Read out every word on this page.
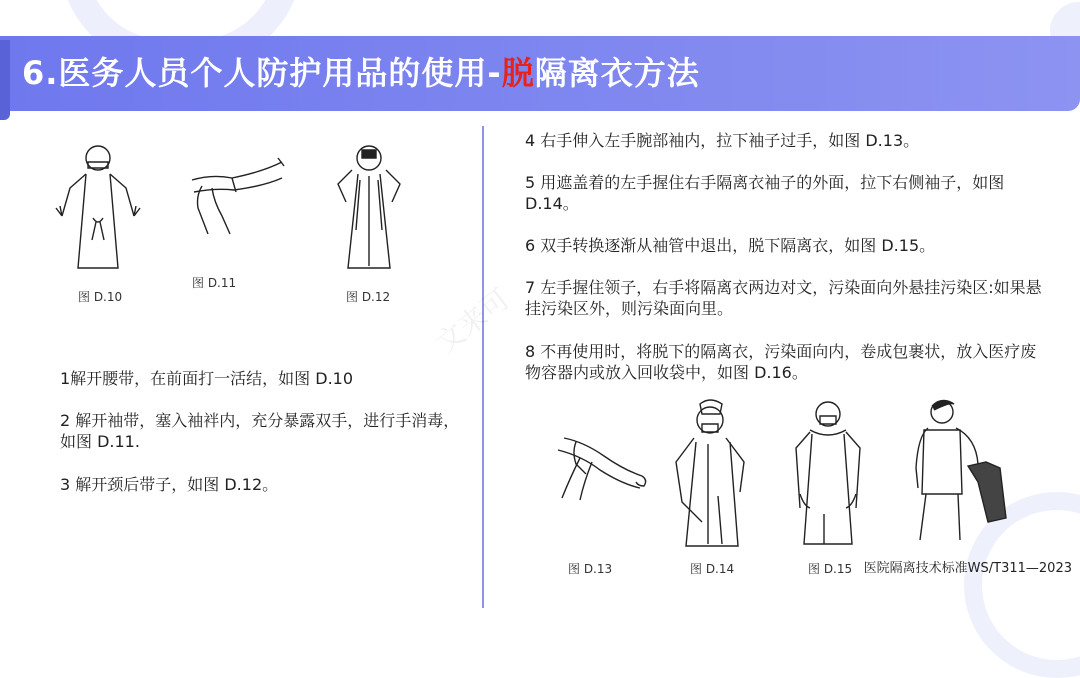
6.医务人员个人防护用品的使用-脱隔离衣方法
文来可
图 D.10
图 D.11
图 D.12
1解开腰带，在前面打一活结，如图 D.10
2 解开袖带，塞入袖袢内，充分暴露双手，进行手消毒，如图 D.11.
3 解开颈后带子，如图 D.12。
4 右手伸入左手腕部袖内，拉下袖子过手，如图 D.13。
5 用遮盖着的左手握住右手隔离衣袖子的外面，拉下右侧袖子，如图 D.14。
6 双手转换逐渐从袖管中退出，脱下隔离衣，如图 D.15。
7 左手握住领子，右手将隔离衣两边对文，污染面向外悬挂污染区:如果悬挂污染区外，则污染面向里。
8 不再使用时，将脱下的隔离衣，污染面向内，卷成包裹状，放入医疗废物容器内或放入回收袋中，如图 D.16。
图 D.13	图 D.14	图 D.15 医院隔离技术标准WS/T311—2023
